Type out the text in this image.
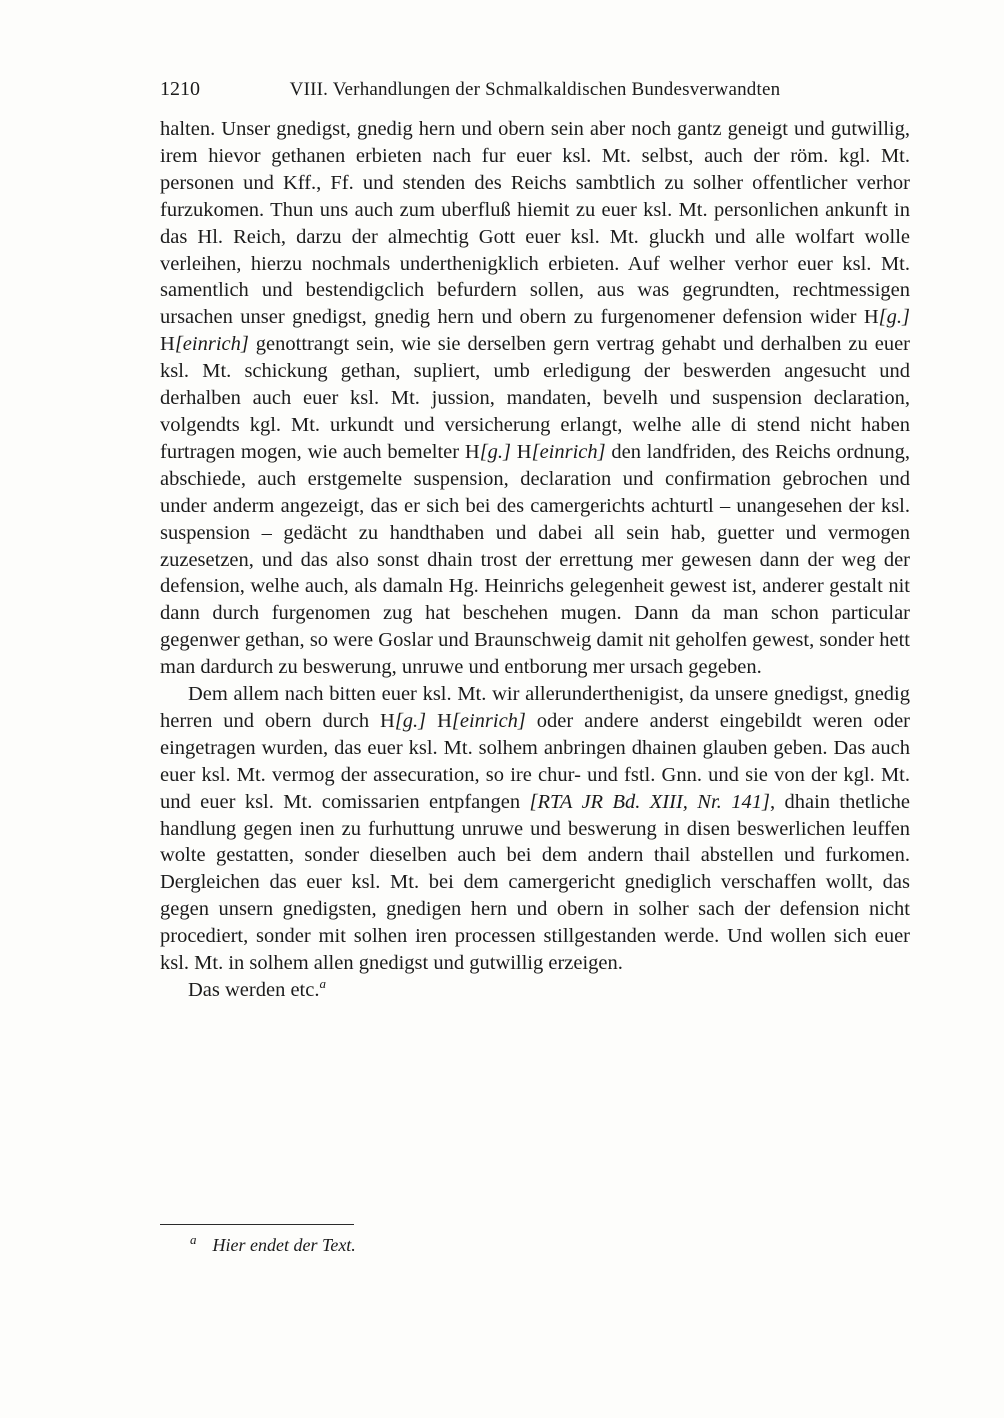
VIII. Verhandlungen der Schmalkaldischen Bundesverwandten
1210

halten. Unser gnedigst, gnedig hern und obern sein aber noch gantz geneigt und gutwillig, irem hievor gethanen erbieten nach fur euer ksl. Mt. selbst, auch der röm. kgl. Mt. personen und Kff., Ff. und stenden des Reichs sambtlich zu solher offentlicher verhor furzukomen. Thun uns auch zum uberfluß hiemit zu euer ksl. Mt. personlichen ankunft in das Hl. Reich, darzu der almechtig Gott euer ksl. Mt. gluckh und alle wolfart wolle verleihen, hierzu nochmals underthenigklich erbieten. Auf welher verhor euer ksl. Mt. samentlich und bestendigclich befurdern sollen, aus was gegrundten, rechtmessigen ursachen unser gnedigst, gnedig hern und obern zu furgenomener defension wider H[g.] H[einrich] genottrangt sein, wie sie derselben gern vertrag gehabt und derhalben zu euer ksl. Mt. schickung gethan, supliert, umb erledigung der beswerden angesucht und derhalben auch euer ksl. Mt. jussion, mandaten, bevelh und suspension declaration, volgendts kgl. Mt. urkundt und versicherung erlangt, welhe alle di stend nicht haben furtragen mogen, wie auch bemelter H[g.] H[einrich] den landfriden, des Reichs ordnung, abschiede, auch erstgemelte suspension, declaration und confirmation gebrochen und under anderm angezeigt, das er sich bei des camergerichts achturtl – unangesehen der ksl. suspension – gedächt zu handthaben und dabei all sein hab, guetter und vermogen zuzesetzen, und das also sonst dhain trost der errettung mer gewesen dann der weg der defension, welhe auch, als damaln Hg. Heinrichs gelegenheit gewest ist, anderer gestalt nit dann durch furgenomen zug hat beschehen mugen. Dann da man schon particular gegenwer gethan, so were Goslar und Braunschweig damit nit geholfen gewest, sonder hett man dardurch zu beswerung, unruwe und entborung mer ursach gegeben.

Dem allem nach bitten euer ksl. Mt. wir allerunderthenigist, da unsere gnedigst, gnedig herren und obern durch H[g.] H[einrich] oder andere anderst eingebildt weren oder eingetragen wurden, das euer ksl. Mt. solhem anbringen dhainen glauben geben. Das auch euer ksl. Mt. vermog der assecuration, so ire chur- und fstl. Gnn. und sie von der kgl. Mt. und euer ksl. Mt. comissarien entpfangen [RTA JR Bd. XIII, Nr. 141], dhain thetliche handlung gegen inen zu furhuttung unruwe und beswerung in disen beswerlichen leuffen wolte gestatten, sonder dieselben auch bei dem andern thail abstellen und furkomen. Dergleichen das euer ksl. Mt. bei dem camergericht gnediglich verschaffen wollt, das gegen unsern gnedigsten, gnedigen hern und obern in solher sach der defension nicht procediert, sonder mit solhen iren processen stillgestanden werde. Und wollen sich euer ksl. Mt. in solhem allen gnedigst und gutwillig erzeigen.

Das werden etc.$^a$

$^a$ Hier endet der Text.
